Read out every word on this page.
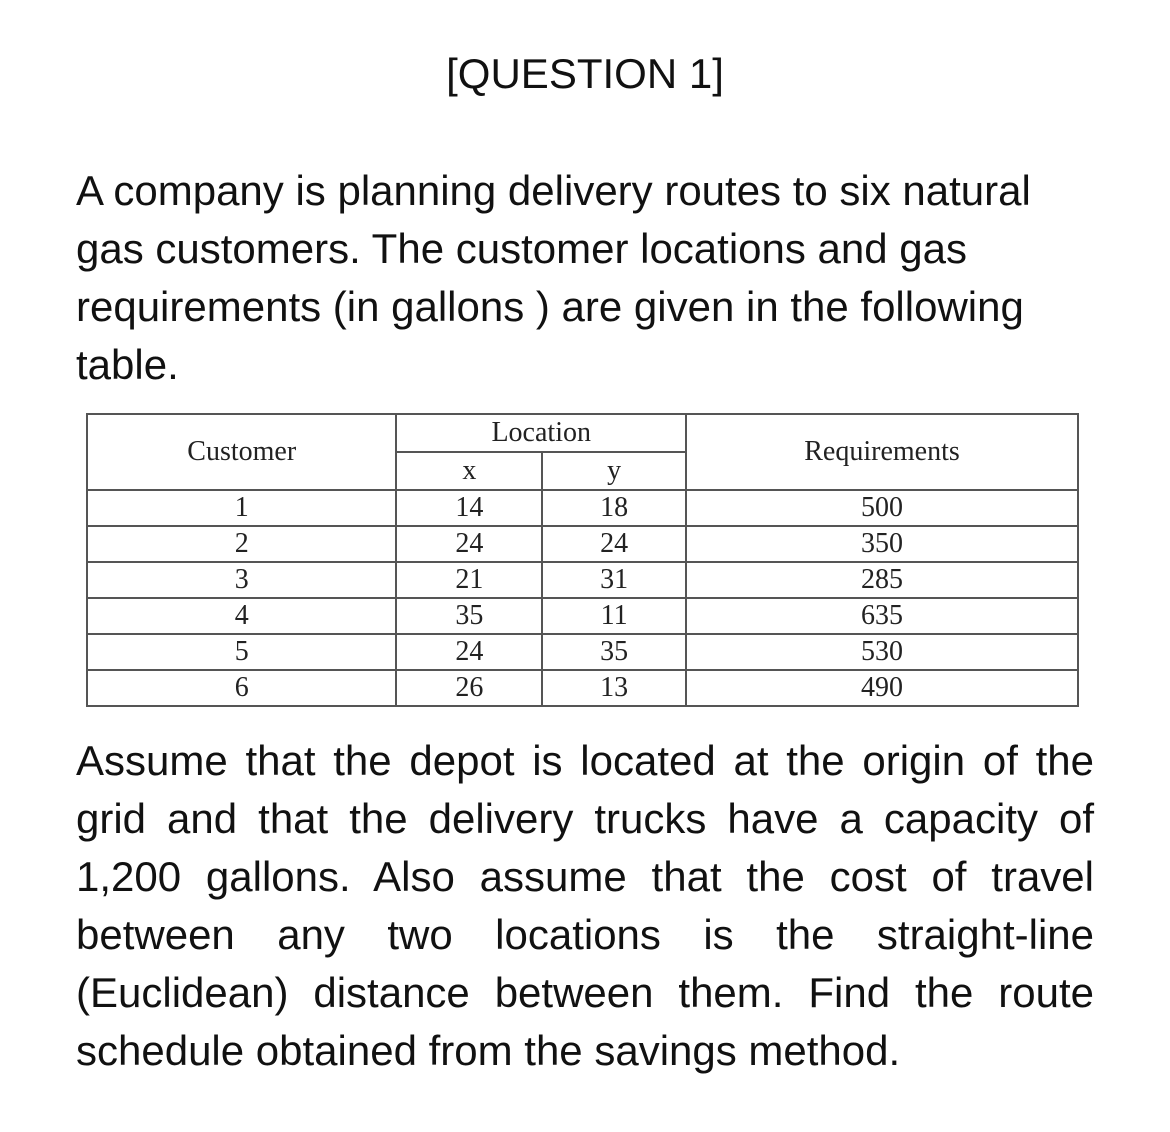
[QUESTION 1]

A company is planning delivery routes to six natural gas customers. The customer locations and gas requirements (in gallons ) are given in the following table.

Customer	Location		Requirements
	x	y	
1	14	18	500
2	24	24	350
3	21	31	285
4	35	11	635
5	24	35	530
6	26	13	490

Assume that the depot is located at the origin of the grid and that the delivery trucks have a capacity of 1,200 gallons. Also assume that the cost of travel between any two locations is the straight-line (Euclidean) distance between them. Find the route schedule obtained from the savings method.
